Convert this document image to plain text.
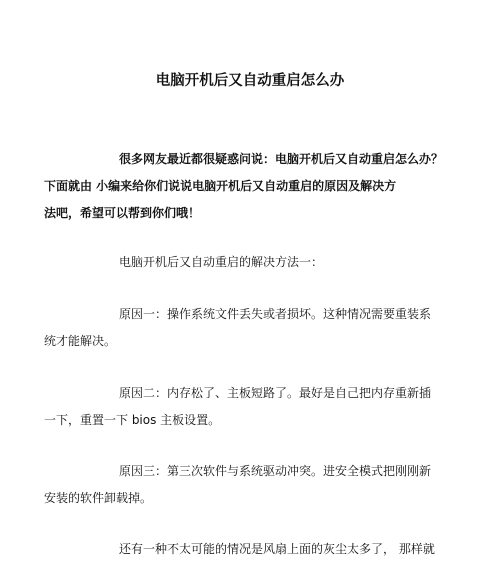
电脑开机后又自动重启怎么办
很多网友最近都很疑惑问说：电脑开机后又自动重启怎么办？
下面就由 小编来给你们说说电脑开机后又自动重启的原因及解决方
法吧，希望可以帮到你们哦！
电脑开机后又自动重启的解决方法一：
原因一：操作系统文件丢失或者损坏。这种情况需要重装系
统才能解决。
原因二：内存松了、主板短路了。最好是自己把内存重新插
一下，重置一下 bios 主板设置。
原因三：第三次软件与系统驱动冲突。进安全模式把刚刚新
安装的软件卸载掉。
还有一种不太可能的情况是风扇上面的灰尘太多了， 那样就
